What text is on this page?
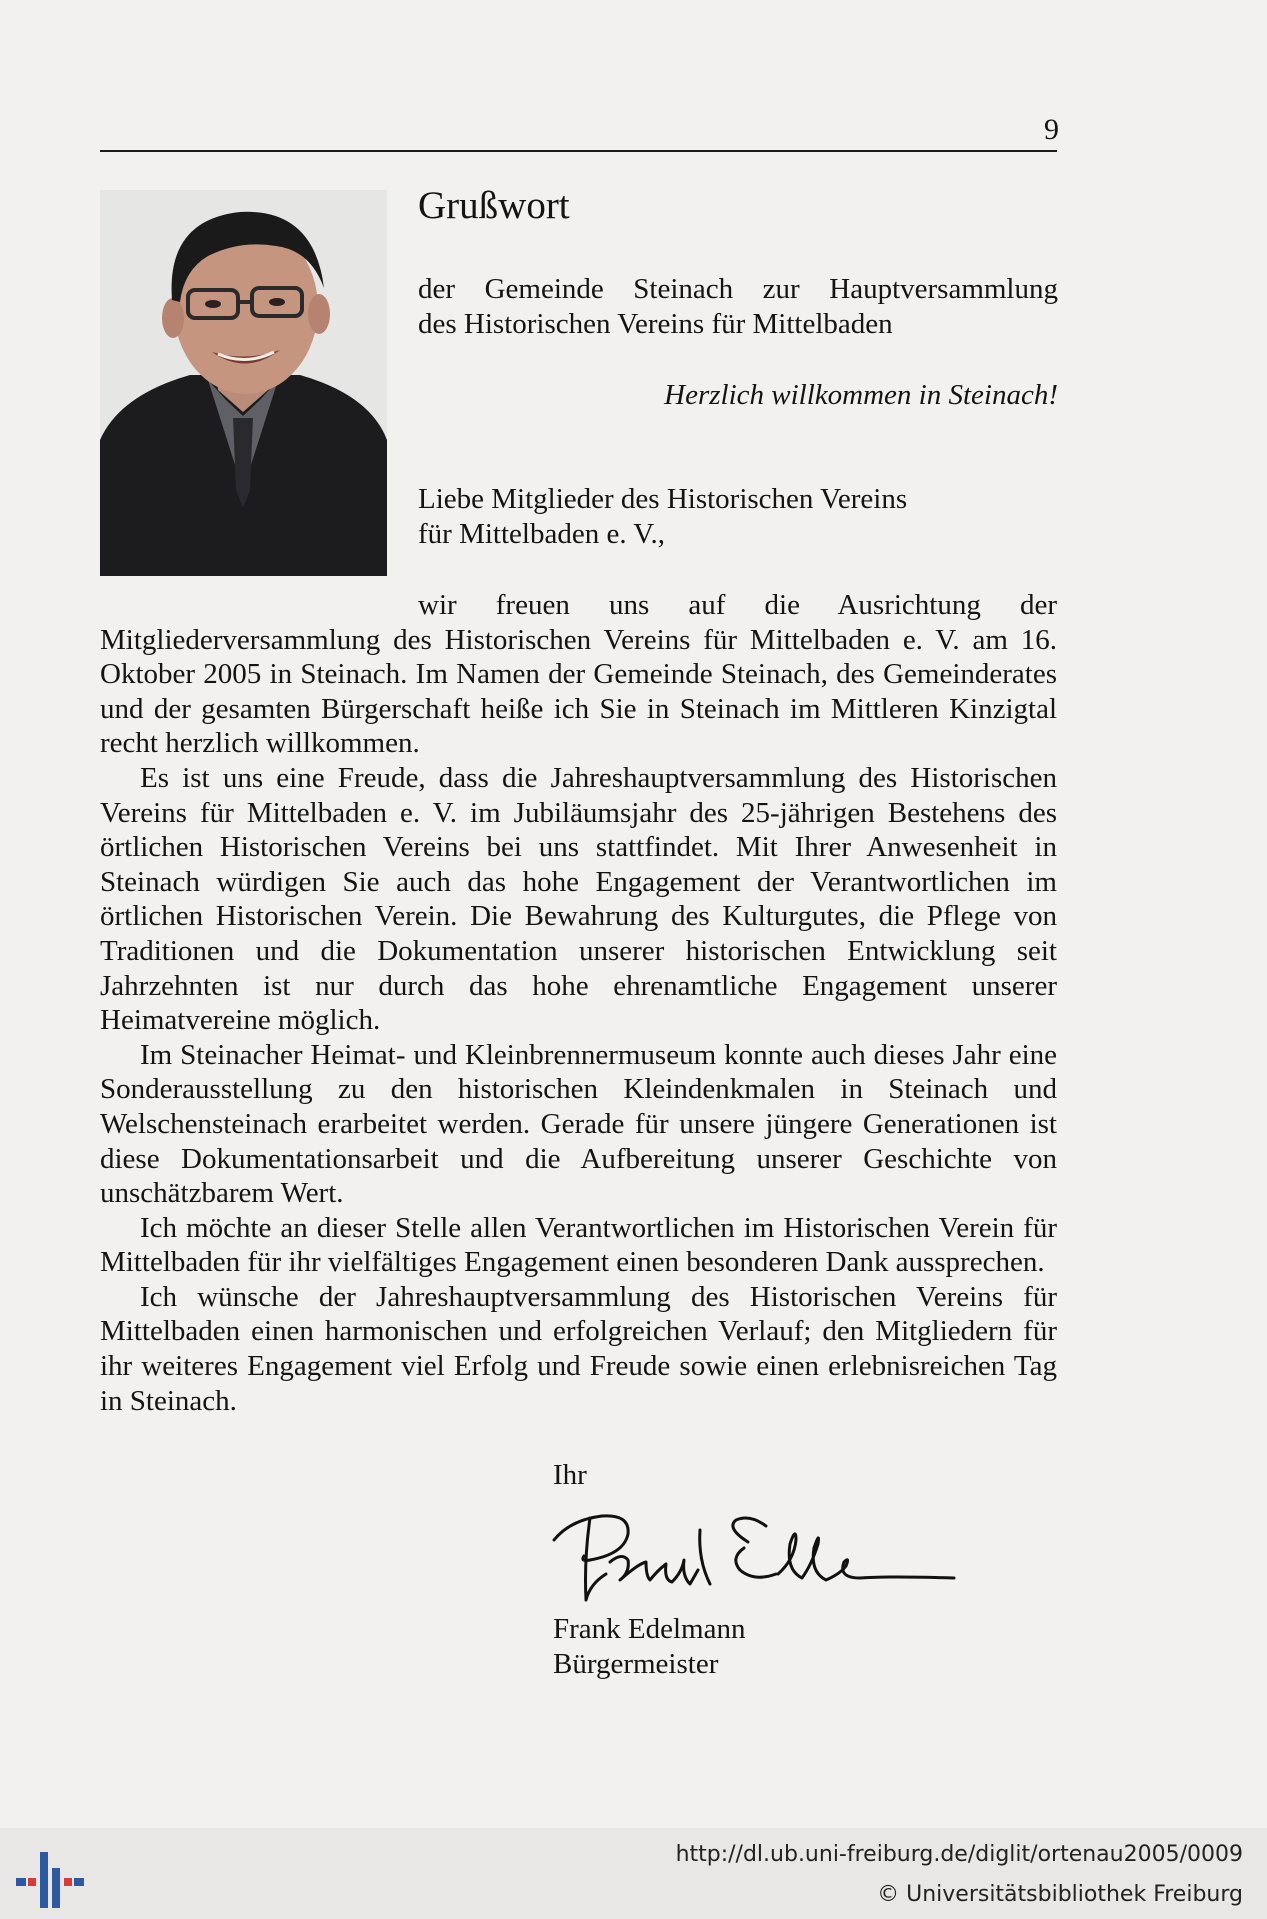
9
Grußwort
der Gemeinde Steinach zur Hauptversammlung
des Historischen Vereins für Mittelbaden
Herzlich willkommen in Steinach!
Liebe Mitglieder des Historischen Vereins
für Mittelbaden e. V.,

wir freuen uns auf die Ausrichtung der Mitgliederversammlung des Historischen Vereins für Mittelbaden e. V. am 16. Oktober 2005 in Steinach. Im Namen der Gemeinde Steinach, des Gemeinderates und der gesamten Bürgerschaft heiße ich Sie in Steinach im Mittleren Kinzigtal recht herzlich willkommen.

Es ist uns eine Freude, dass die Jahreshauptversammlung des Historischen Vereins für Mittelbaden e. V. im Jubiläumsjahr des 25-jährigen Bestehens des örtlichen Historischen Vereins bei uns stattfindet. Mit Ihrer Anwesenheit in Steinach würdigen Sie auch das hohe Engagement der Verantwortlichen im örtlichen Historischen Verein. Die Bewahrung des Kulturgutes, die Pflege von Traditionen und die Dokumentation unserer historischen Entwicklung seit Jahrzehnten ist nur durch das hohe ehrenamtliche Engagement unserer Heimatvereine möglich.

Im Steinacher Heimat- und Kleinbrennermuseum konnte auch dieses Jahr eine Sonderausstellung zu den historischen Kleindenkmalen in Steinach und Welschensteinach erarbeitet werden. Gerade für unsere jüngere Generationen ist diese Dokumentationsarbeit und die Aufbereitung unserer Geschichte von unschätzbarem Wert.

Ich möchte an dieser Stelle allen Verantwortlichen im Historischen Verein für Mittelbaden für ihr vielfältiges Engagement einen besonderen Dank aussprechen.

Ich wünsche der Jahreshauptversammlung des Historischen Vereins für Mittelbaden einen harmonischen und erfolgreichen Verlauf; den Mitgliedern für ihr weiteres Engagement viel Erfolg und Freude sowie einen erlebnisreichen Tag in Steinach.

Ihr
Frank Edelmann
Bürgermeister
http://dl.ub.uni-freiburg.de/diglit/ortenau2005/0009
© Universitätsbibliothek Freiburg
